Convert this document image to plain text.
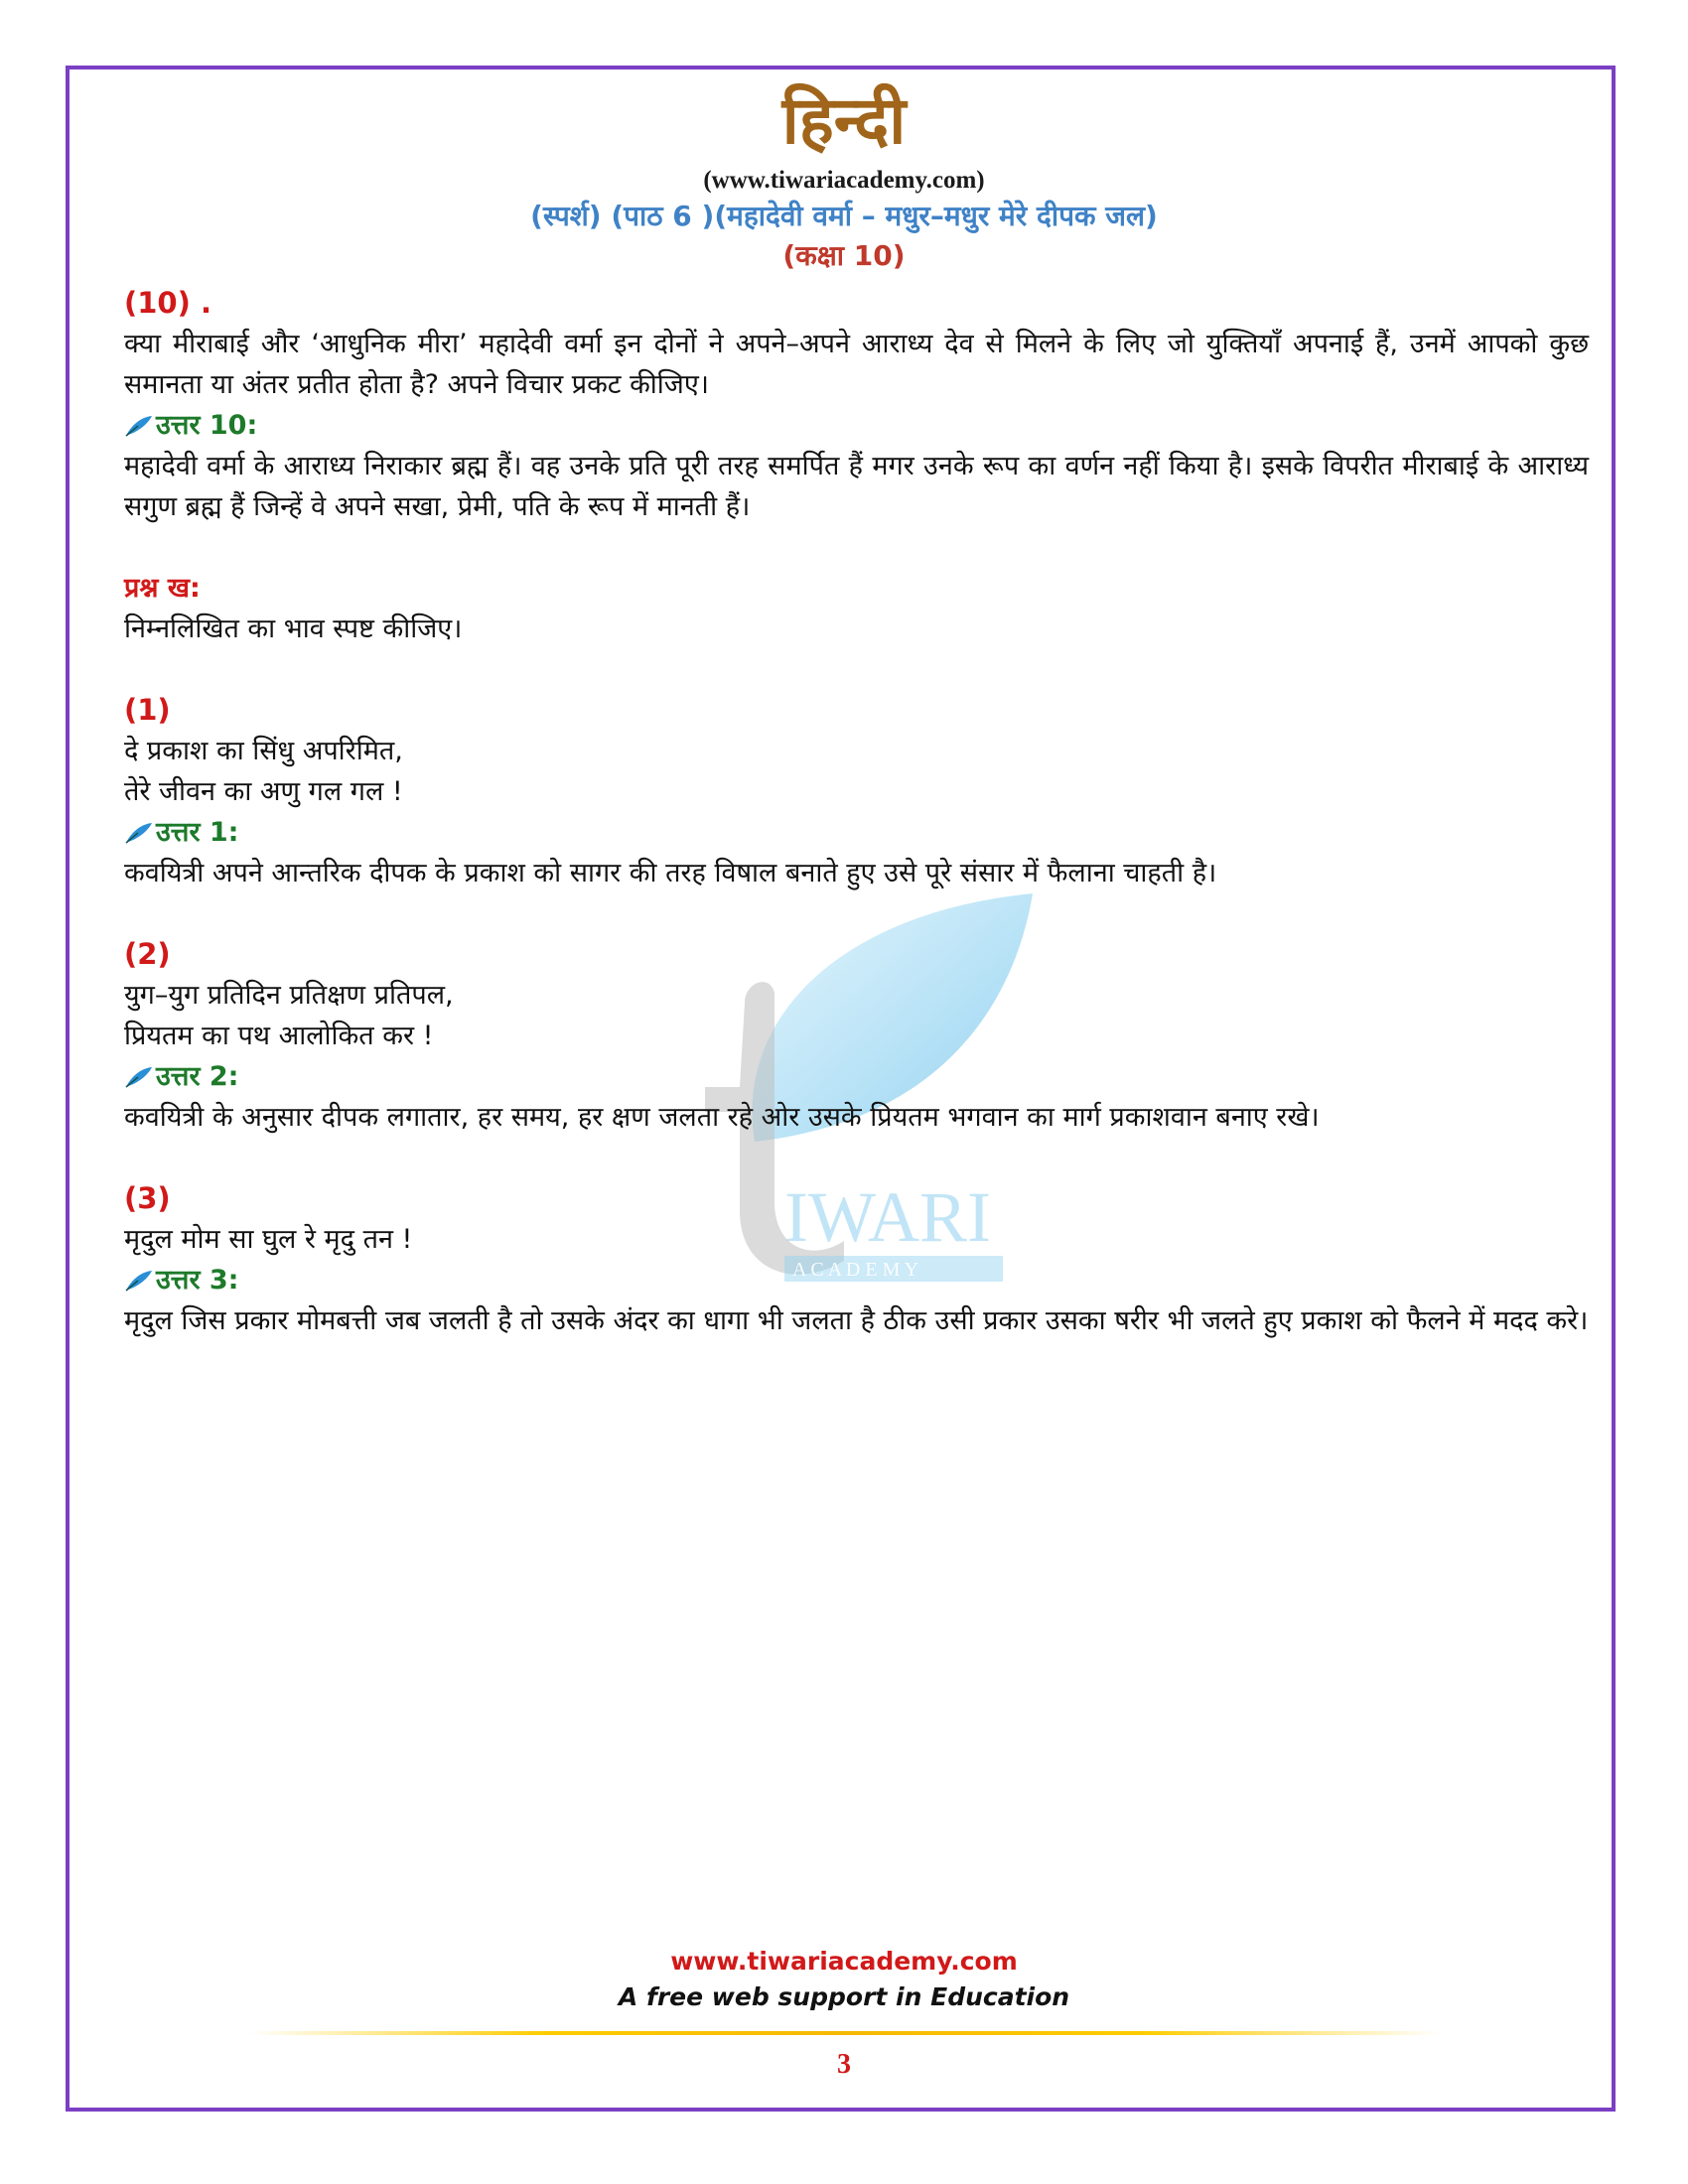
IWARI
A C A D E M Y
हिन्दी
(www.tiwariacademy.com)
(स्पर्श) (पाठ 6 )(महादेवी वर्मा – मधुर–मधुर मेरे दीपक जल)
(कक्षा 10)
(10) .
क्या मीराबाई और ‘आधुनिक मीरा’ महादेवी वर्मा इन दोनों ने अपने–अपने आराध्य देव से मिलने के लिए जो युक्तियाँ अपनाई हैं, उनमें आपको कुछ समानता या अंतर प्रतीत होता है? अपने विचार प्रकट कीजिए।
उत्तर 10:
महादेवी वर्मा के आराध्य निराकार ब्रह्म हैं। वह उनके प्रति पूरी तरह समर्पित हैं मगर उनके रूप का वर्णन नहीं किया है। इसके विपरीत मीराबाई के आराध्य सगुण ब्रह्म हैं जिन्हें वे अपने सखा, प्रेमी, पति के रूप में मानती हैं।
प्रश्न ख:
निम्नलिखित का भाव स्पष्ट कीजिए।
(1)
दे प्रकाश का सिंधु अपरिमित,
तेरे जीवन का अणु गल गल !
उत्तर 1:
कवयित्री अपने आन्तरिक दीपक के प्रकाश को सागर की तरह विषाल बनाते हुए उसे पूरे संसार में फैलाना चाहती है।
(2)
युग–युग प्रतिदिन प्रतिक्षण प्रतिपल,
प्रियतम का पथ आलोकित कर !
उत्तर 2:
कवयित्री के अनुसार दीपक लगातार, हर समय, हर क्षण जलता रहे ओर उसके प्रियतम भगवान का मार्ग प्रकाशवान बनाए रखे।
(3)
मृदुल मोम सा घुल रे मृदु तन !
उत्तर 3:
मृदुल जिस प्रकार मोमबत्ती जब जलती है तो उसके अंदर का धागा भी जलता है ठीक उसी प्रकार उसका षरीर भी जलते हुए प्रकाश को फैलने में मदद करे।
www.tiwariacademy.com
A free web support in Education
3
